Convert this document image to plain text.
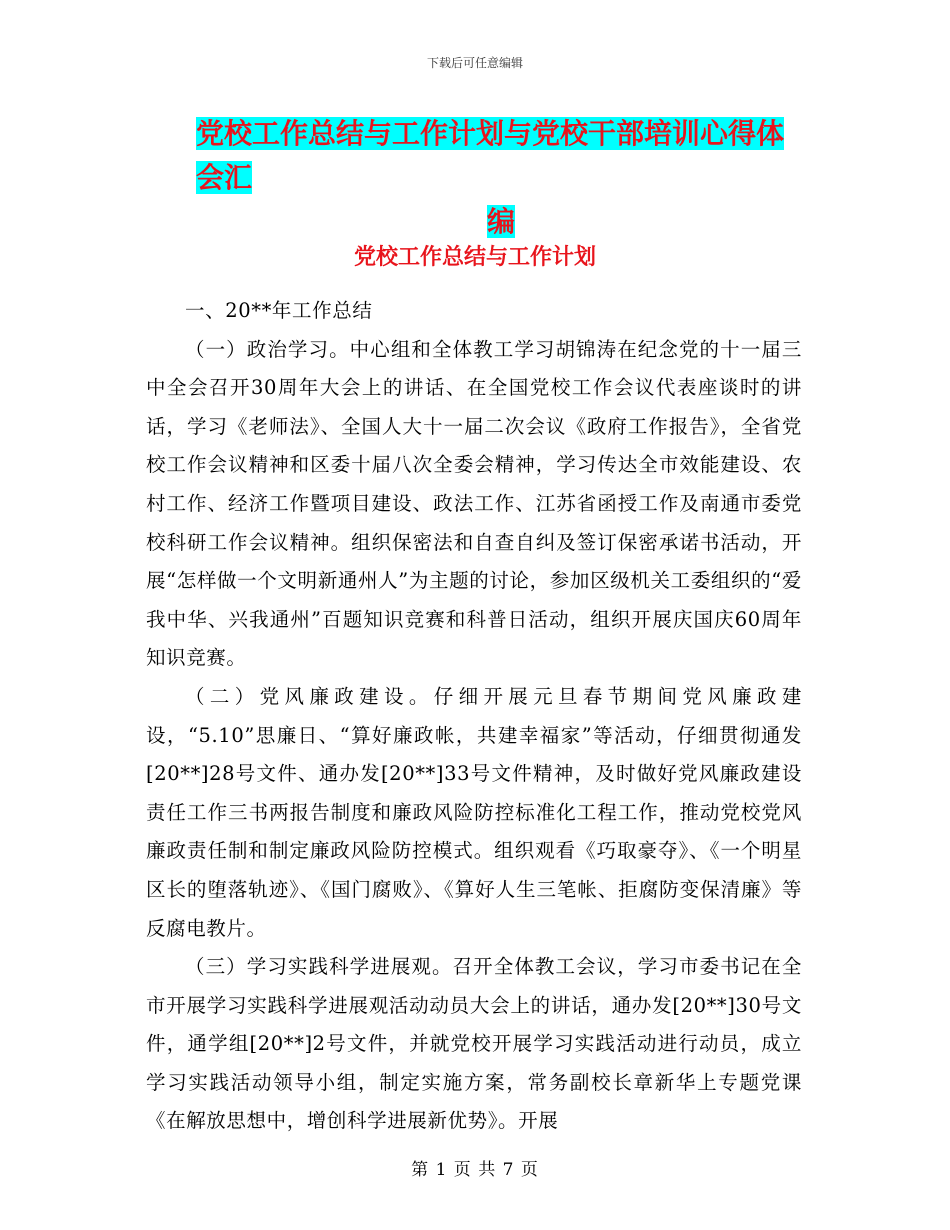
下载后可任意编辑
党校工作总结与工作计划与党校干部培训心得体会汇
编
党校工作总结与工作计划

一、20**年工作总结

（一）政治学习。中心组和全体教工学习胡锦涛在纪念党的十一届三中全会召开30周年大会上的讲话、在全国党校工作会议代表座谈时的讲话，学习《老师法》、全国人大十一届二次会议《政府工作报告》，全省党校工作会议精神和区委十届八次全委会精神，学习传达全市效能建设、农村工作、经济工作暨项目建设、政法工作、江苏省函授工作及南通市委党校科研工作会议精神。组织保密法和自查自纠及签订保密承诺书活动，开展“怎样做一个文明新通州人”为主题的讨论，参加区级机关工委组织的“爱我中华、兴我通州”百题知识竞赛和科普日活动，组织开展庆国庆60周年知识竞赛。

（二）党风廉政建设。仔细开展元旦春节期间党风廉政建设，“5.10”思廉日、“算好廉政帐，共建幸福家”等活动，仔细贯彻通发[20**]28号文件、通办发[20**]33号文件精神，及时做好党风廉政建设责任工作三书两报告制度和廉政风险防控标准化工程工作，推动党校党风廉政责任制和制定廉政风险防控模式。组织观看《巧取豪夺》、《一个明星区长的堕落轨迹》、《国门腐败》、《算好人生三笔帐、拒腐防变保清廉》等反腐电教片。

（三）学习实践科学进展观。召开全体教工会议，学习市委书记在全市开展学习实践科学进展观活动动员大会上的讲话，通办发[20**]30号文件，通学组[20**]2号文件，并就党校开展学习实践活动进行动员，成立学习实践活动领导小组，制定实施方案，常务副校长章新华上专题党课《在解放思想中，增创科学进展新优势》。开展

第 1 页 共 7 页
